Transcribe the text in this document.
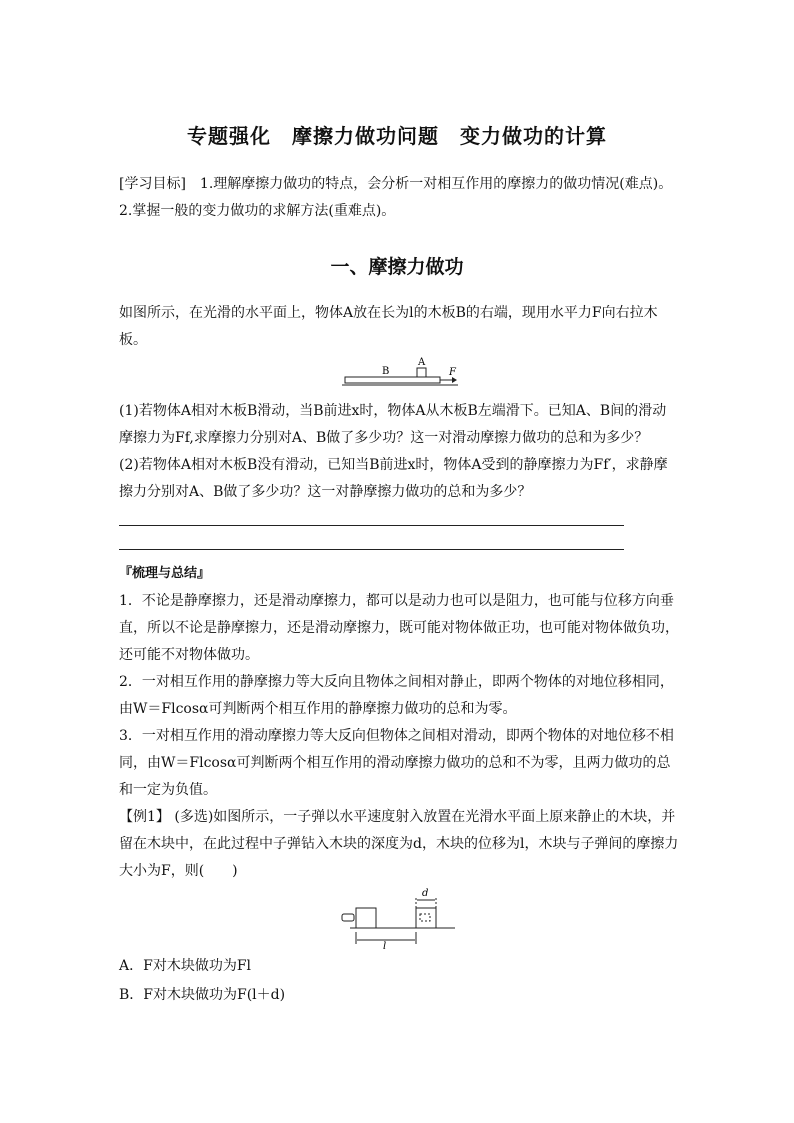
专题强化　摩擦力做功问题　变力做功的计算
[学习目标]　1.理解摩擦力做功的特点，会分析一对相互作用的摩擦力的做功情况(难点)。
2.掌握一般的变力做功的求解方法(重难点)。
一、摩擦力做功
如图所示，在光滑的水平面上，物体A放在长为l的木板B的右端，现用水平力F向右拉木板。
B
A
F
(1)若物体A相对木板B滑动，当B前进x时，物体A从木板B左端滑下。已知A、B间的滑动摩擦力为Ff,求摩擦力分别对A、B做了多少功？这一对滑动摩擦力做功的总和为多少？
(2)若物体A相对木板B没有滑动，已知当B前进x时，物体A受到的静摩擦力为Ff′，求静摩擦力分别对A、B做了多少功？这一对静摩擦力做功的总和为多少？
『梳理与总结』
1．不论是静摩擦力，还是滑动摩擦力，都可以是动力也可以是阻力，也可能与位移方向垂直，所以不论是静摩擦力，还是滑动摩擦力，既可能对物体做正功，也可能对物体做负功，还可能不对物体做功。
2．一对相互作用的静摩擦力等大反向且物体之间相对静止，即两个物体的对地位移相同，由W＝Flcosα可判断两个相互作用的静摩擦力做功的总和为零。
3．一对相互作用的滑动摩擦力等大反向但物体之间相对滑动，即两个物体的对地位移不相同，由W＝Flcosα可判断两个相互作用的滑动摩擦力做功的总和不为零，且两力做功的总和一定为负值。
【例1】 (多选)如图所示，一子弹以水平速度射入放置在光滑水平面上原来静止的木块，并留在木块中，在此过程中子弹钻入木块的深度为d，木块的位移为l，木块与子弹间的摩擦力大小为F，则(　　)
d
l
A．F对木块做功为Fl
B．F对木块做功为F(l＋d)
